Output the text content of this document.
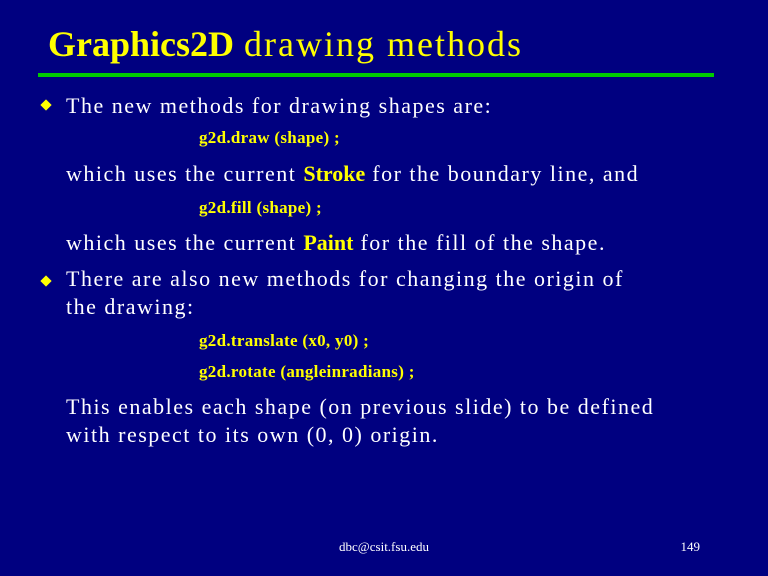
Graphics2D drawing methods
The new methods for drawing shapes are:
g2d.draw (shape) ;
which uses the current Stroke for the boundary line, and
g2d.fill (shape) ;
which uses the current Paint for the fill of the shape.
There are also new methods for changing the origin of
the drawing:
g2d.translate (x0, y0) ;
g2d.rotate (angleinradians) ;
This enables each shape (on previous slide) to be defined
with respect to its own (0, 0) origin.
dbc@csit.fsu.edu	149
